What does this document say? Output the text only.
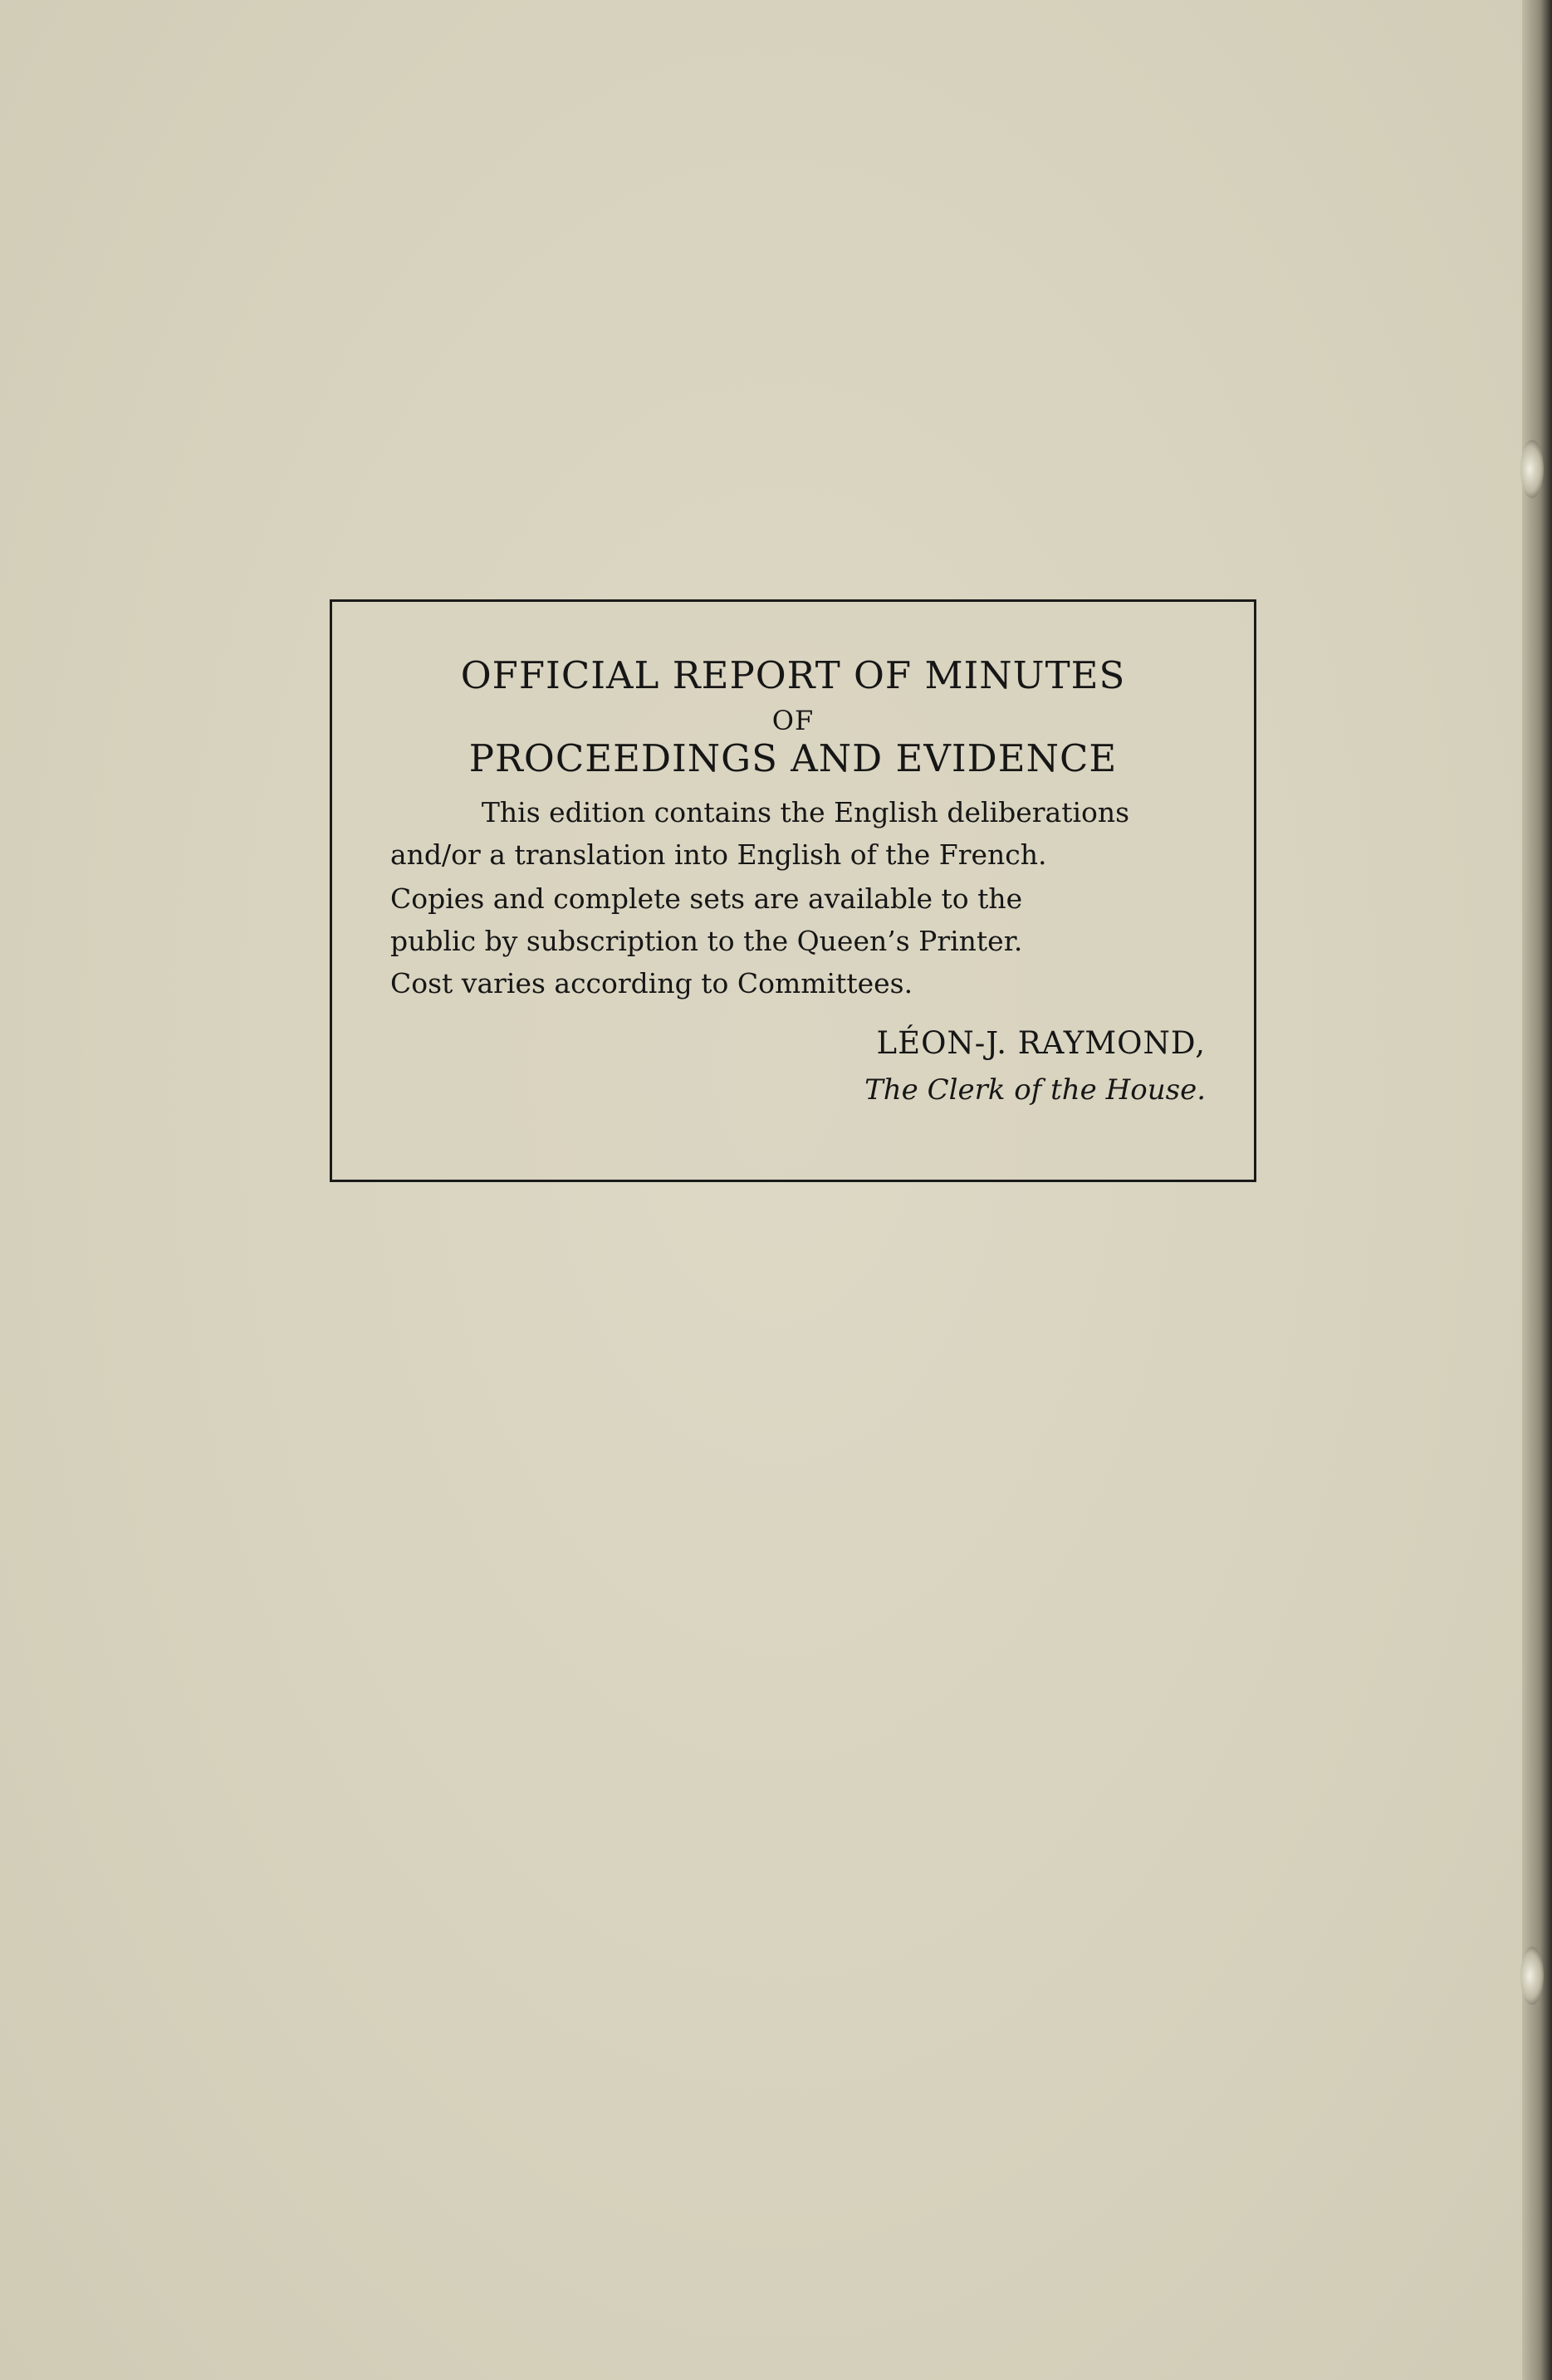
OFFICIAL REPORT OF MINUTES
OF
PROCEEDINGS AND EVIDENCE
This edition contains the English deliberations
and/or a translation into English of the French.
Copies and complete sets are available to the
public by subscription to the Queen’s Printer.
Cost varies according to Committees.
LÉON-J. RAYMOND,
The Clerk of the House.
